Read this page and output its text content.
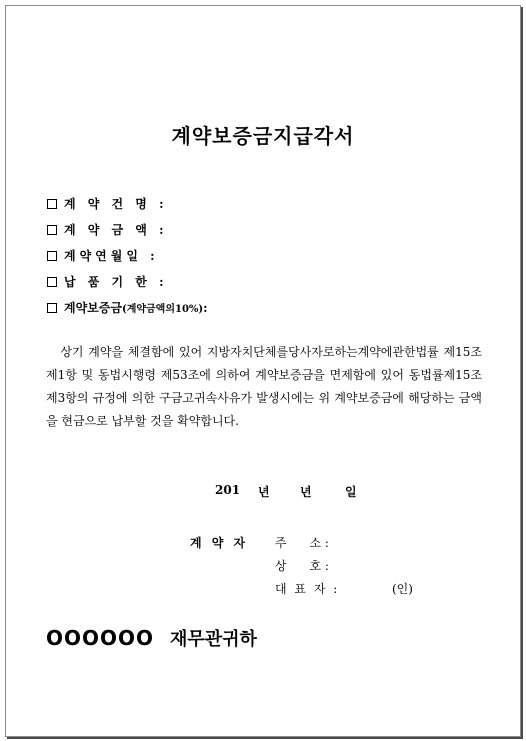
계약보증금지급각서
계 약 건 명 :
계 약 금 액 :
계약연월일 :
납 품 기 한 :
계약보증금 (계약금액의10%) :
상기 계약을 체결함에 있어 지방자치단체를당사자로하는계약에관한법률 제15조제1항 및 동법시행령 제53조에 의하여 계약보증금을 면제함에 있어 동법률제15조제3항의 규정에 의한 구금고귀속사유가 발생시에는 위 계약보증금에 해당하는 금액을 현금으로 납부할 것을 확약합니다.
201 년	년	일
계 약 자 주      소 :
상      호 :
대 표 자 :	(인)
OOOOOO 재무관귀하
